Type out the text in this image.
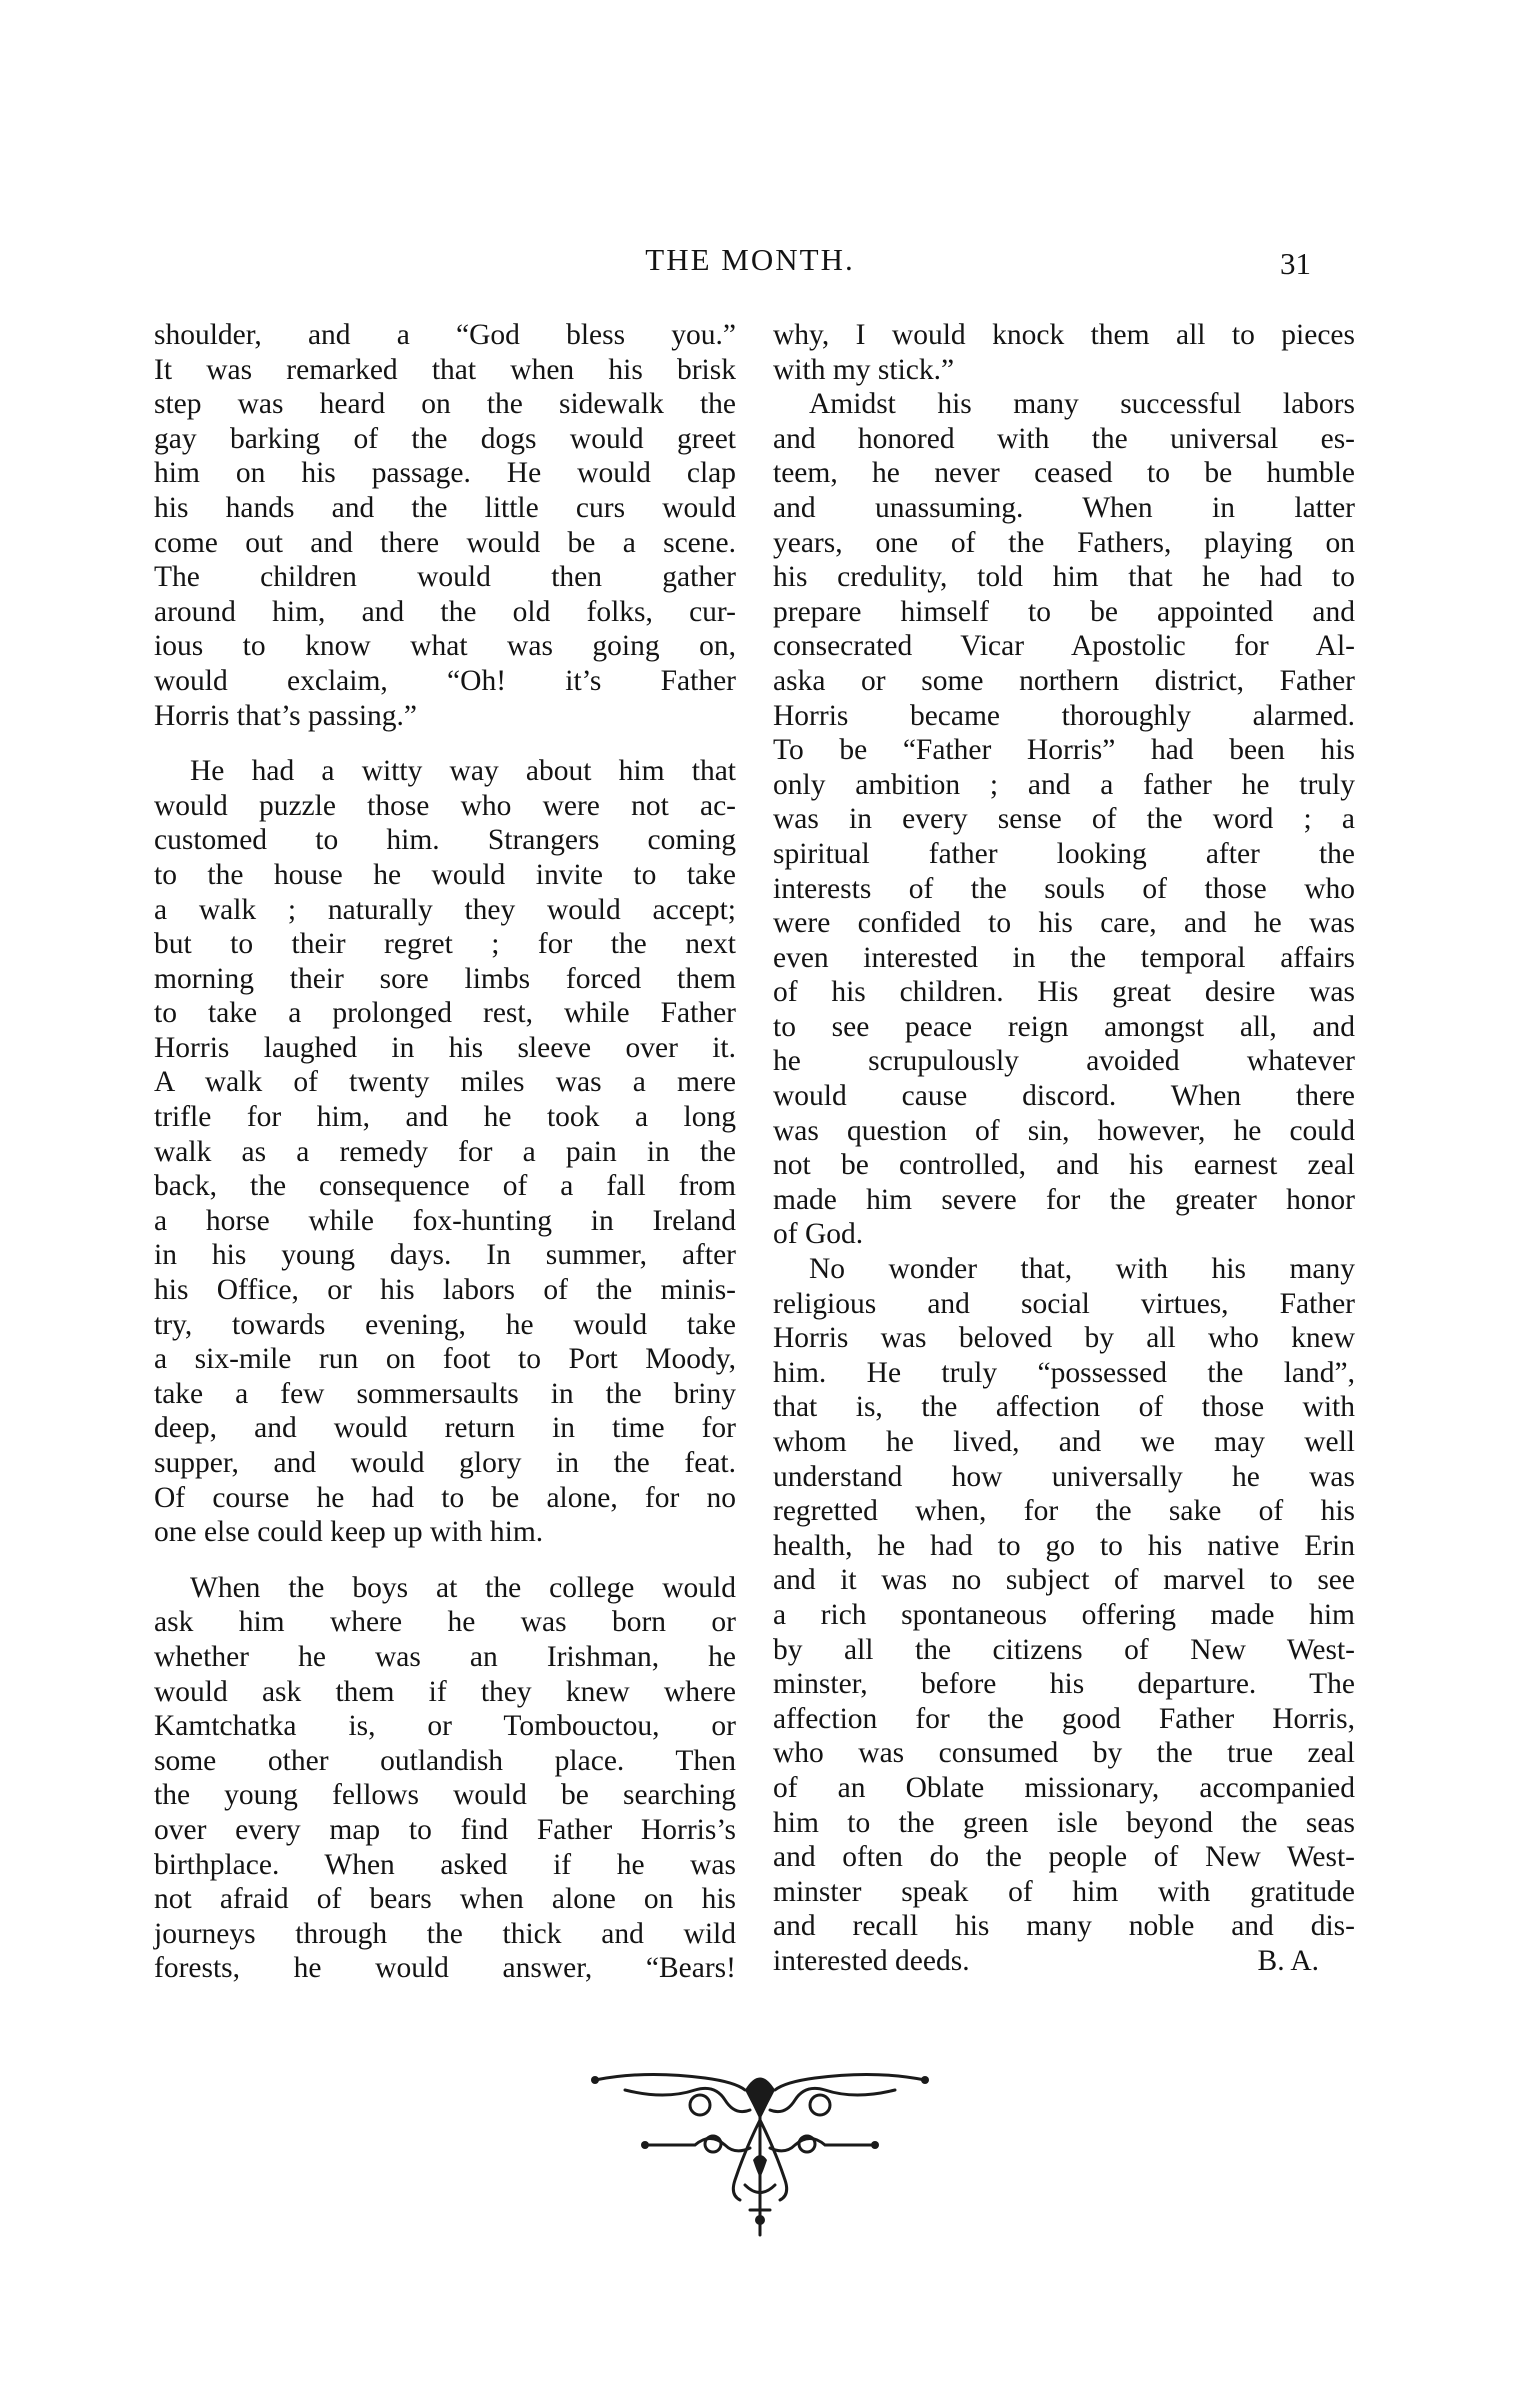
THE MONTH.	31
shoulder, and a “God bless you.”
It was remarked that when his brisk
step was heard on the sidewalk the
gay barking of the dogs would greet
him on his passage. He would clap
his hands and the little curs would
come out and there would be a scene.
The children would then gather
around him, and the old folks, cur-
ious to know what was going on,
would exclaim, “Oh! it’s Father
Horris that’s passing.”
He had a witty way about him that
would puzzle those who were not ac-
customed to him. Strangers coming
to the house he would invite to take
a walk ; naturally they would accept;
but to their regret ; for the next
morning their sore limbs forced them
to take a prolonged rest, while Father
Horris laughed in his sleeve over it.
A walk of twenty miles was a mere
trifle for him, and he took a long
walk as a remedy for a pain in the
back, the consequence of a fall from
a horse while fox-hunting in Ireland
in his young days. In summer, after
his Office, or his labors of the minis-
try, towards evening, he would take
a six-mile run on foot to Port Moody,
take a few sommersaults in the briny
deep, and would return in time for
supper, and would glory in the feat.
Of course he had to be alone, for no
one else could keep up with him.
When the boys at the college would
ask him where he was born or
whether he was an Irishman, he
would ask them if they knew where
Kamtchatka is, or Tombouctou, or
some other outlandish place. Then
the young fellows would be searching
over every map to find Father Horris’s
birthplace. When asked if he was
not afraid of bears when alone on his
journeys through the thick and wild
forests, he would answer, “Bears!
why, I would knock them all to pieces
with my stick.”
Amidst his many successful labors
and honored with the universal es-
teem, he never ceased to be humble
and unassuming. When in latter
years, one of the Fathers, playing on
his credulity, told him that he had to
prepare himself to be appointed and
consecrated Vicar Apostolic for Al-
aska or some northern district, Father
Horris became thoroughly alarmed.
To be “Father Horris” had been his
only ambition ; and a father he truly
was in every sense of the word ; a
spiritual father looking after the
interests of the souls of those who
were confided to his care, and he was
even interested in the temporal affairs
of his children. His great desire was
to see peace reign amongst all, and
he scrupulously avoided whatever
would cause discord. When there
was question of sin, however, he could
not be controlled, and his earnest zeal
made him severe for the greater honor
of God.
No wonder that, with his many
religious and social virtues, Father
Horris was beloved by all who knew
him. He truly “possessed the land”,
that is, the affection of those with
whom he lived, and we may well
understand how universally he was
regretted when, for the sake of his
health, he had to go to his native Erin
and it was no subject of marvel to see
a rich spontaneous offering made him
by all the citizens of New West-
minster, before his departure. The
affection for the good Father Horris,
who was consumed by the true zeal
of an Oblate missionary, accompanied
him to the green isle beyond the seas
and often do the people of New West-
minster speak of him with gratitude
and recall his many noble and dis-
interested deeds.	B. A.
